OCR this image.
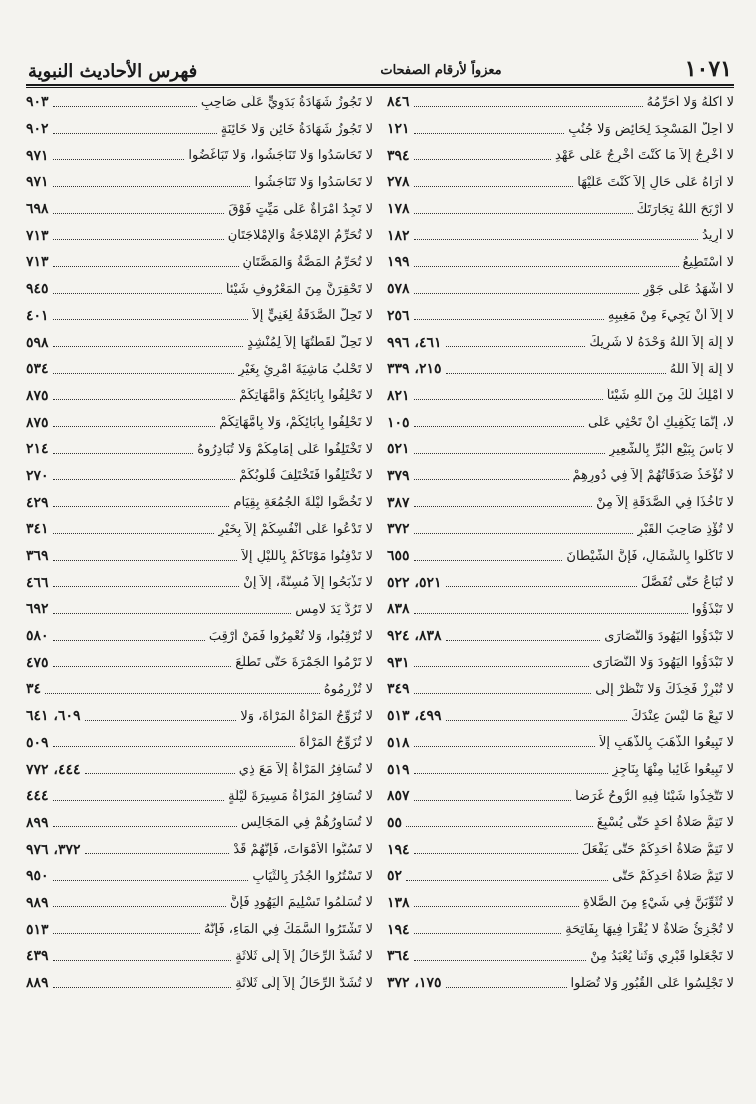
١٠٧١
معزواً لأرقام الصفحات
فهرس الأحاديث النبوية
لا آكلُهُ وَلا أُحَرِّمُهُ
٨٤٦
لا أُحِلُّ الْمَسْجِدَ لِحَائِضٍ وَلا جُنُبٍ
١٢١
لا أُخْرِجُ إِلاَّ مَا كُنْتَ أُخْرِجُ عَلَى عَهْدِ
٣٩٤
لا أَرَاهُ عَلَى حَالٍ إِلاَّ كُنْتَ عَلَيْهَا
٢٧٨
لا أَرْبَحَ اللَّهُ تِجَارَتَكَ
١٧٨
لا أُرِيدُ
١٨٢
لا أَسْتَطِيعُ
١٩٩
لا أَشْهَدُ عَلَى جَوْرٍ
٥٧٨
لا إِلاَّ أَنْ يَجِيءَ مِنْ مَغِيبِهِ
٢٥٦
لا إِلَهَ إِلاَّ اللَّهُ وَحْدَهُ لا شَرِيكَ
٤٦١، ٩٩٦
لا إِلَهَ إِلاَّ اللَّهُ
٢١٥، ٣٣٩
لا أَمْلِكُ لَكَ مِنَ اللَّهِ شَيْئاً
٨٢١
لا، إِنَّمَا يَكْفِيكِ أَنْ تَحْثِي عَلَى
١٠٥
لا بَأْسَ بِبَيْعِ الْبُرِّ بِالشَّعِيرِ
٥٢١
لا تُؤْخَذُ صَدَقَاتُهُمْ إِلاَّ فِي دُورِهِمْ
٣٧٩
لا تَأْخُذَا فِي الصَّدَقَةِ إِلاَّ مِنْ
٣٨٧
لا تُؤْذِ صَاحِبَ الْقَبْرِ
٣٧٢
لا تَأْكُلُوا بِالشِّمَالِ، فَإِنَّ الشَّيْطَانَ
٦٥٥
لا تُبَاعُ حَتَّى تُفَصَّلَ
٥٢١، ٥٢٢
لا تَبْذَؤُوا
٨٣٨
لا تَبْدَؤُوا الْيَهُودَ وَالنَّصَارَى
٨٣٨، ٩٢٤
لا تَبْدَؤُوا الْيَهُودَ وَلا النَّصَارَى
٩٣١
لا تُبْرِزْ فَخِذَكَ وَلا تَنْظُرْ إِلَى
٣٤٩
لا تَبِعْ مَا لَيْسَ عِنْدَكَ
٤٩٩، ٥١٣
لا تَبِيعُوا الذَّهَبَ بِالذَّهَبِ إِلاَّ
٥١٨
لا تَبِيعُوا غَائِباً مِنْهَا بِنَاجِزٍ
٥١٩
لا تَتَّخِذُوا شَيْئاً فِيهِ الرُّوحُ غَرَضاً
٨٥٧
لا تَتِمُّ صَلاةُ أَحَدٍ حَتَّى يُسْبِغَ
٥٥
لا تَتِمُّ صَلاةُ أَحَدِكُمْ حَتَّى يَفْعَلَ
١٩٤
لا تَتِمُّ صَلاةُ أَحَدِكُمْ حَتَّى
٥٢
لا تُثَوِّبَنَّ فِي شَيْءٍ مِنَ الصَّلاةِ
١٣٨
لا تُجْزِئُ صَلاةٌ لا يُقْرَأُ فِيهَا بِفَاتِحَةِ
١٩٤
لا تَجْعَلُوا قَبْرِي وَثَناً يُعْبَدُ مِنْ
٣٦٤
لا تَجْلِسُوا عَلَى الْقُبُورِ وَلا تُصَلُّوا
١٧٥، ٣٧٢
لا تَجُوزُ شَهَادَةُ بَدَوِيٍّ عَلَى صَاحِبِ
٩٠٣
لا تَجُوزُ شَهَادَةُ خَائِنٍ وَلا خَائِنَةٍ
٩٠٢
لا تَحَاسَدُوا وَلا تَنَاجَشُوا، وَلا تَبَاغَضُوا
٩٧١
لا تَحَاسَدُوا وَلا تَنَاجَشُوا
٩٧١
لا تَجِدُ امْرَأَةٌ عَلَى مَيِّتٍ فَوْقَ
٦٩٨
لا تُحَرِّمُ الإِمْلاجَةُ وَالإِمْلاجَتَانِ
٧١٣
لا تُحَرِّمُ الْمَصَّةُ وَالْمَصَّتَانِ
٧١٣
لا تَحْقِرَنَّ مِنَ الْمَعْرُوفِ شَيْئاً
٩٤٥
لا تَحِلُّ الصَّدَقَةُ لِغَنِيٍّ إِلاَّ
٤٠١
لا تَحِلُّ لُقَطَتُهَا إِلاَّ لِمُنْشِدٍ
٥٩٨
لا تَحْلُبُ مَاشِيَةَ امْرِئٍ بِغَيْرِ
٥٣٤
لا تَحْلِفُوا بِآبَائِكُمْ وَأُمَّهَاتِكُمْ
٨٧٥
لا تَحْلِفُوا بِآبَائِكُمْ، وَلا بِأُمَّهَاتِكُمْ
٨٧٥
لا تَخْتَلِفُوا عَلَى إِمَامِكُمْ وَلا تُبَادِرُوهُ
٢١٤
لا تَخْتَلِفُوا فَتَخْتَلِفَ قُلُوبُكُمْ
٢٧٠
لا تَخُصُّوا لَيْلَةَ الْجُمُعَةِ بِقِيَامٍ
٤٢٩
لا تَدْعُوا عَلَى أَنْفُسِكُمْ إِلاَّ بِخَيْرٍ
٣٤١
لا تَدْفِنُوا مَوْتَاكُمْ بِاللَّيْلِ إِلاَّ
٣٦٩
لا تَذْبَحُوا إِلاَّ مُسِنَّةً، إِلاَّ إِنْ
٤٦٦
لا تَرُدُّ يَدَ لامِسٍ
٦٩٢
لا تُرْقِبُوا، وَلا تُعْمِرُوا فَمَنْ أُرْقِبَ
٥٨٠
لا تَرْمُوا الْجَمْرَةَ حَتَّى تَطْلُعَ
٤٧٥
لا تُزْرِمُوهُ
٣٤
لا تُزَوِّجُ الْمَرْأَةُ الْمَرْأَةَ، وَلا
٦٠٩، ٦٤١
لا تُزَوِّجُ الْمَرْأَةَ
٥٠٩
لا تُسَافِرُ الْمَرْأَةُ إِلاَّ مَعَ ذِي
٤٤٤، ٧٧٢
لا تُسَافِرُ الْمَرْأَةُ مَسِيرَةَ لَيْلَةٍ
٤٤٤
لا تُسَاوِرُهُمْ فِي الْمَجَالِسِ
٨٩٩
لا تَسُبُّوا الأَمْوَاتَ، فَإِنَّهُمْ قَدْ
٣٧٢، ٩٧٦
لا تَسْتُرُوا الْجُدُرَ بِالثِّيَابِ
٩٥٠
لا تُسَلِّمُوا تَسْلِيمَ الْيَهُودِ فَإِنَّ
٩٨٩
لا تَشْتَرُوا السَّمَكَ فِي الْمَاءِ، فَإِنَّهُ
٥١٣
لا تُشَدُّ الرِّحَالُ إِلاَّ إِلَى ثَلاثَةٍ
٤٣٩
لا تُشَدُّ الرِّحَالُ إِلاَّ إِلَى ثَلاثَةِ
٨٨٩
